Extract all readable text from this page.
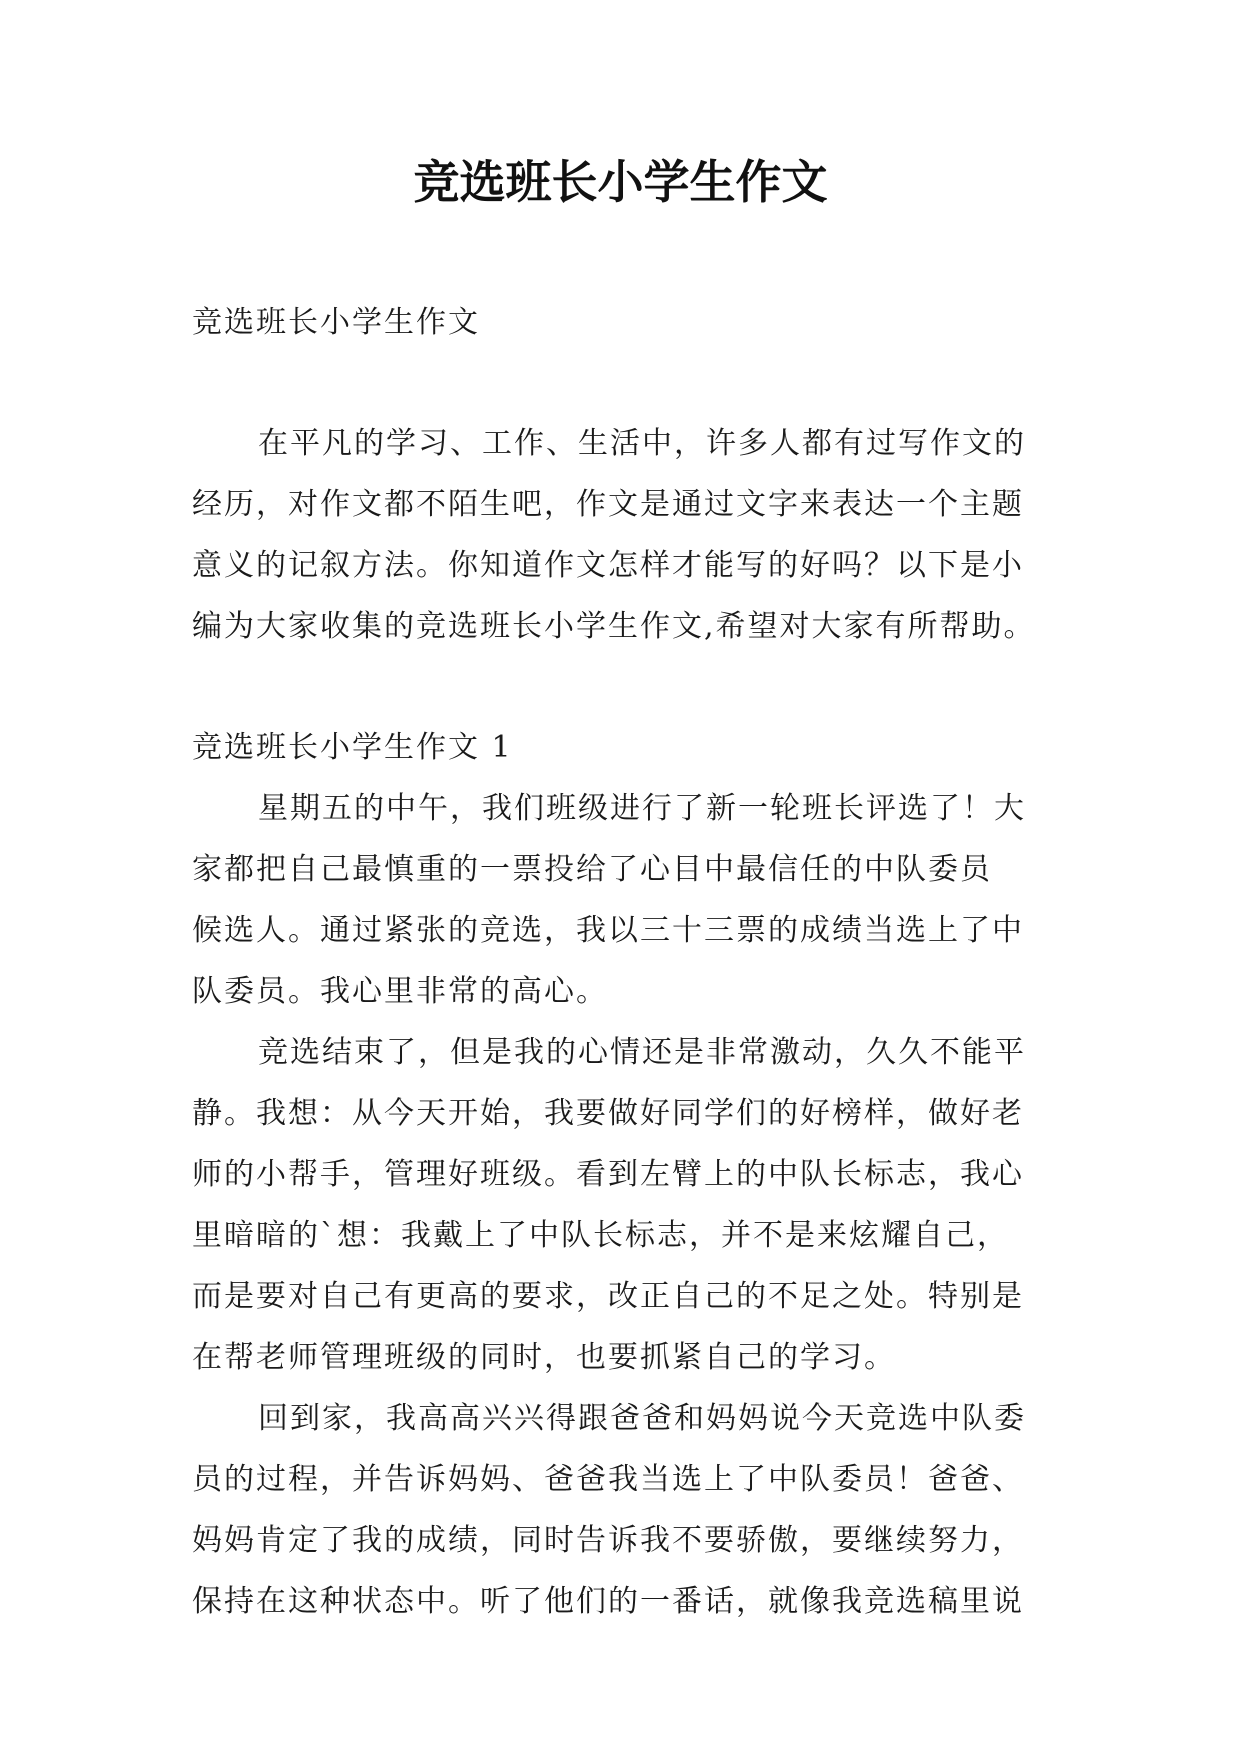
竞选班长小学生作文
竞选班长小学生作文
在平凡的学习、工作、生活中，许多人都有过写作文的
经历，对作文都不陌生吧，作文是通过文字来表达一个主题
意义的记叙方法。你知道作文怎样才能写的好吗？以下是小
编为大家收集的竞选班长小学生作文,希望对大家有所帮助。
竞选班长小学生作文 1
星期五的中午，我们班级进行了新一轮班长评选了！大
家都把自己最慎重的一票投给了心目中最信任的中队委员
候选人。通过紧张的竞选，我以三十三票的成绩当选上了中
队委员。我心里非常的高心。
竞选结束了，但是我的心情还是非常激动，久久不能平
静。我想：从今天开始，我要做好同学们的好榜样，做好老
师的小帮手，管理好班级。看到左臂上的中队长标志，我心
里暗暗的`想：我戴上了中队长标志，并不是来炫耀自己，
而是要对自己有更高的要求，改正自己的不足之处。特别是
在帮老师管理班级的同时，也要抓紧自己的学习。
回到家，我高高兴兴得跟爸爸和妈妈说今天竞选中队委
员的过程，并告诉妈妈、爸爸我当选上了中队委员！爸爸、
妈妈肯定了我的成绩，同时告诉我不要骄傲，要继续努力，
保持在这种状态中。听了他们的一番话，就像我竞选稿里说
